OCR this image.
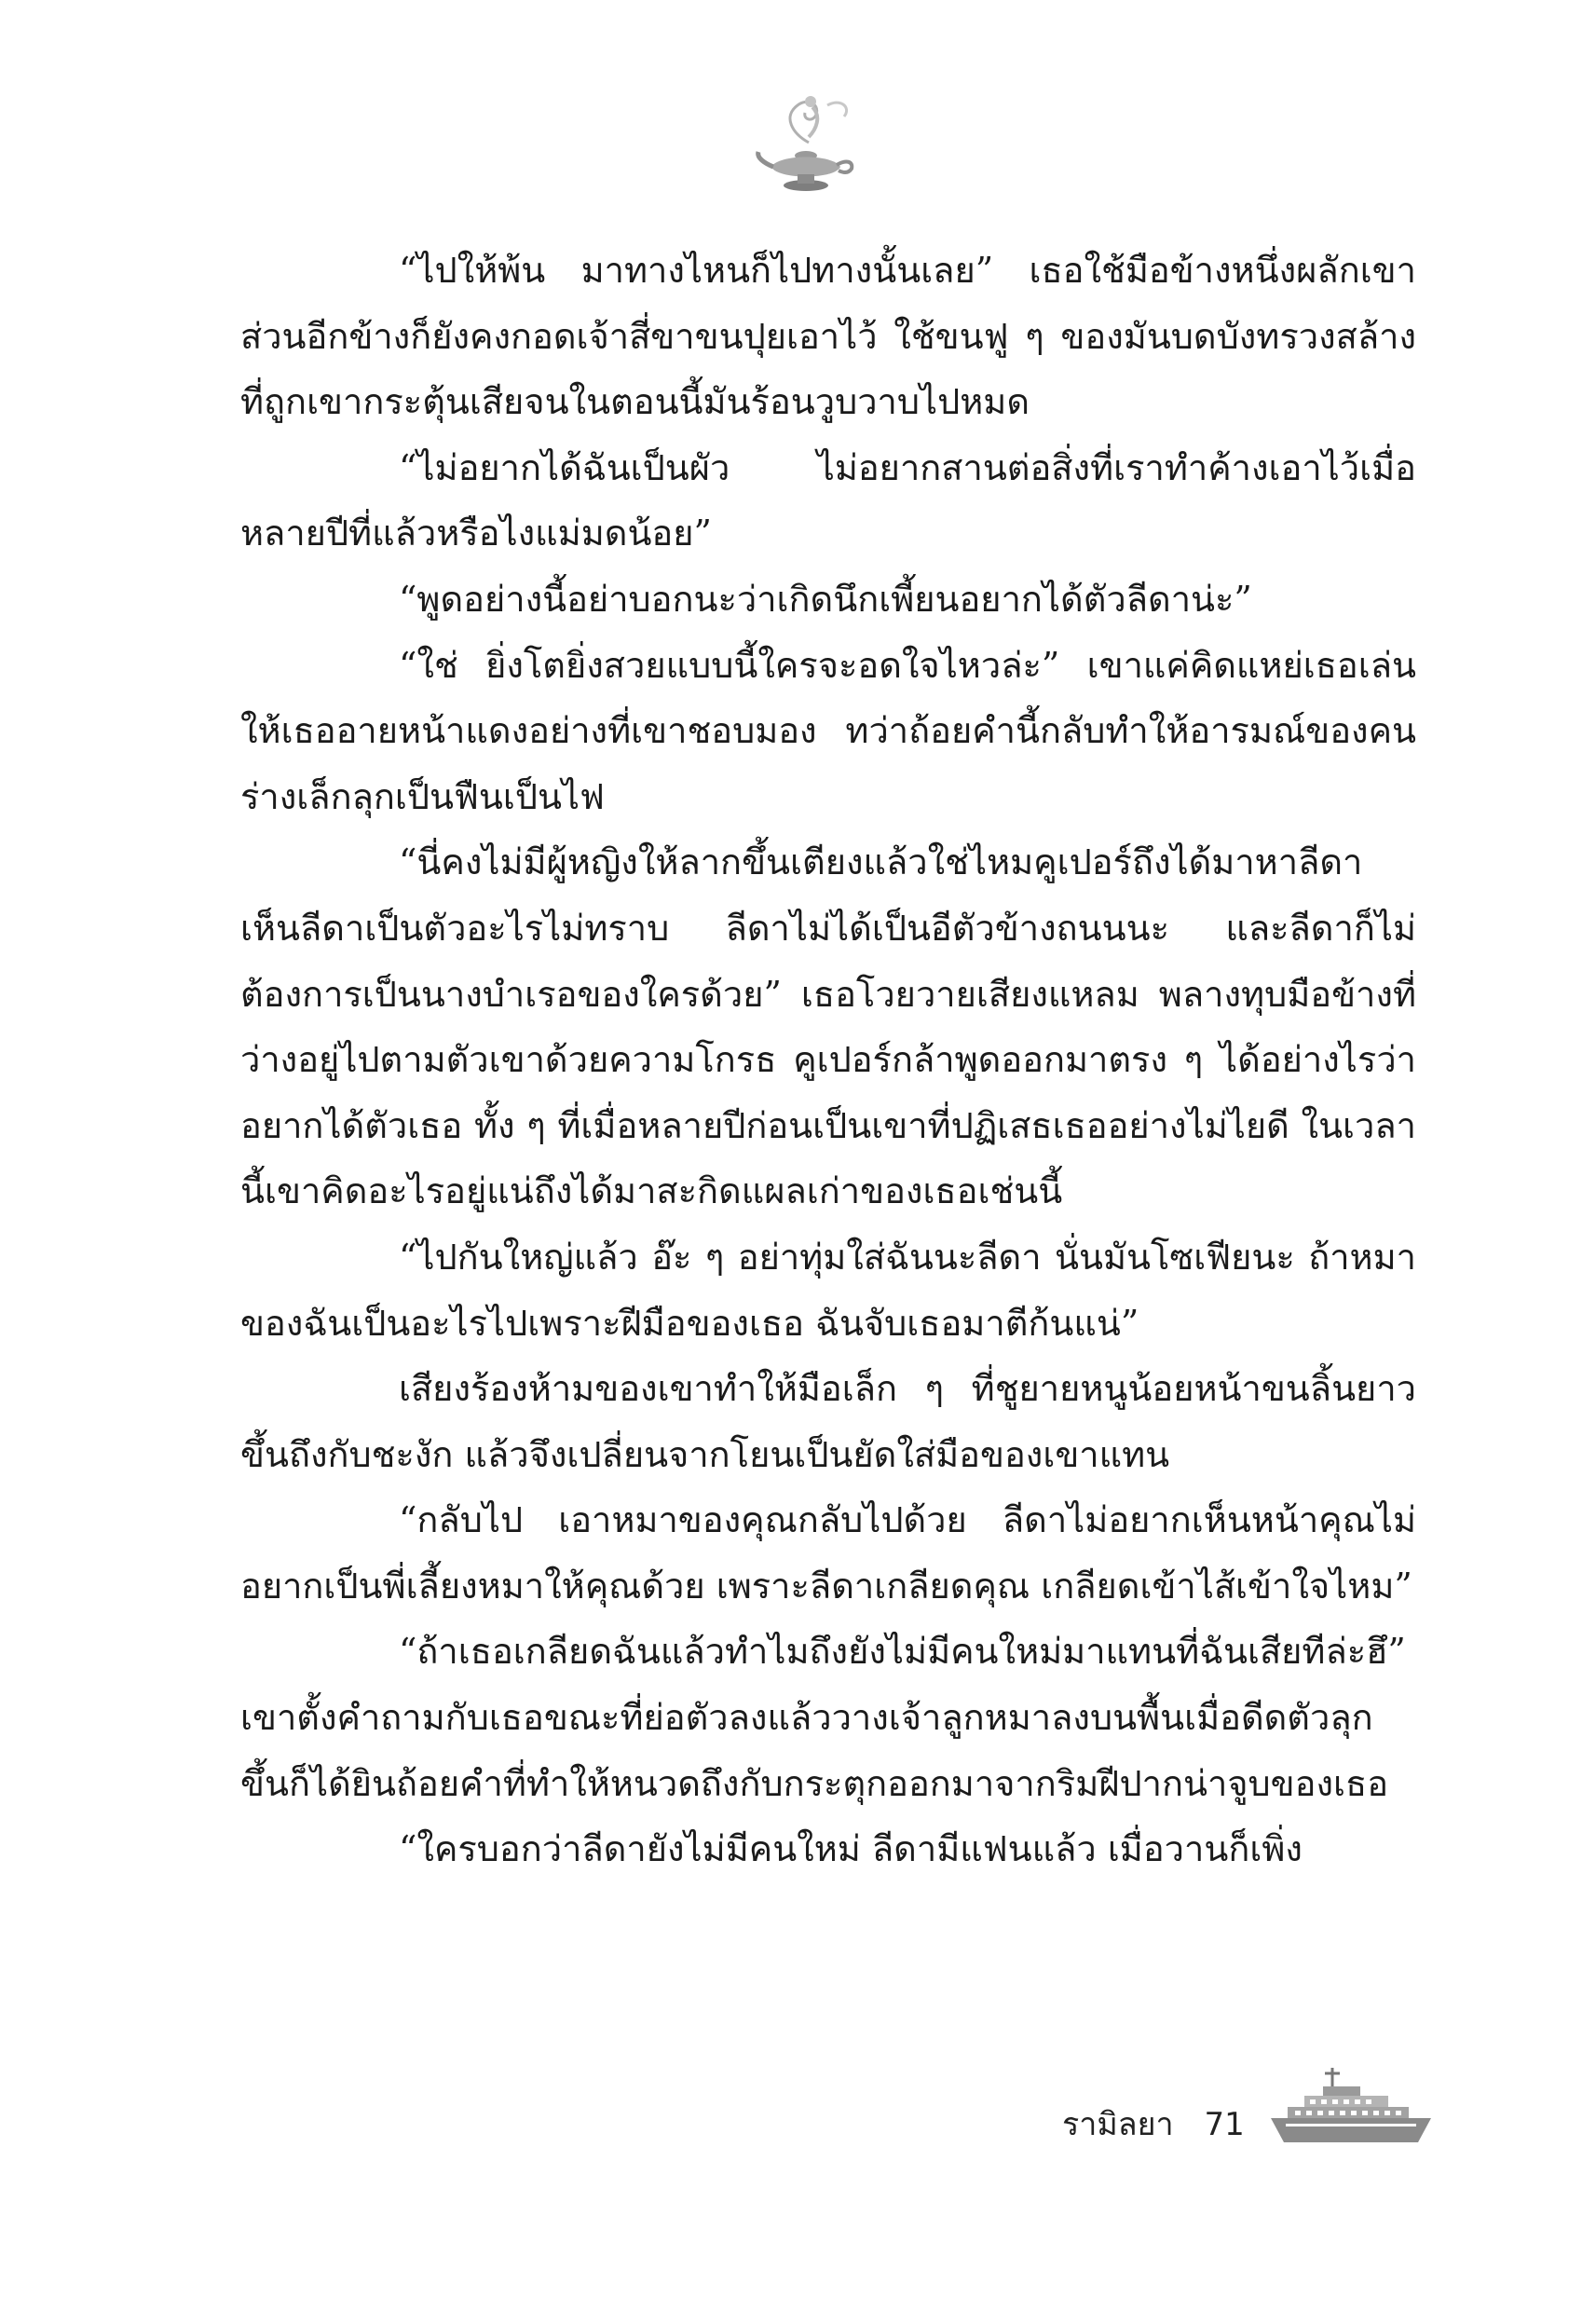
“ไปให้พ้น มาทางไหนก็ไปทางนั้นเลย” เธอใช้มือข้างหนึ่งผลักเขา ส่วนอีกข้างก็ยังคงกอดเจ้าสี่ขาขนปุยเอาไว้ ใช้ขนฟู ๆ ของมันบดบังทรวงสล้างที่ถูกเขากระตุ้นเสียจนในตอนนี้มันร้อนวูบวาบไปหมด

“ไม่อยากได้ฉันเป็นผัว ไม่อยากสานต่อสิ่งที่เราทำค้างเอาไว้เมื่อหลายปีที่แล้วหรือไงแม่มดน้อย”

“พูดอย่างนี้อย่าบอกนะว่าเกิดนึกเพี้ยนอยากได้ตัวลีดาน่ะ”

“ใช่ ยิ่งโตยิ่งสวยแบบนี้ใครจะอดใจไหวล่ะ” เขาแค่คิดแหย่เธอเล่นให้เธออายหน้าแดงอย่างที่เขาชอบมอง ทว่าถ้อยคำนี้กลับทำให้อารมณ์ของคนร่างเล็กลุกเป็นฟืนเป็นไฟ

“นี่คงไม่มีผู้หญิงให้ลากขึ้นเตียงแล้วใช่ไหมคูเปอร์ถึงได้มาหาลีดา เห็นลีดาเป็นตัวอะไรไม่ทราบ ลีดาไม่ได้เป็นอีตัวข้างถนนนะ และลีดาก็ไม่ต้องการเป็นนางบำเรอของใครด้วย” เธอโวยวายเสียงแหลม พลางทุบมือข้างที่ว่างอยู่ไปตามตัวเขาด้วยความโกรธ คูเปอร์กล้าพูดออกมาตรง ๆ ได้อย่างไรว่าอยากได้ตัวเธอ ทั้ง ๆ ที่เมื่อหลายปีก่อนเป็นเขาที่ปฏิเสธเธออย่างไม่ไยดี ในเวลานี้เขาคิดอะไรอยู่แน่ถึงได้มาสะกิดแผลเก่าของเธอเช่นนี้

“ไปกันใหญ่แล้ว อ๊ะ ๆ อย่าทุ่มใส่ฉันนะลีดา นั่นมันโซเฟียนะ ถ้าหมาของฉันเป็นอะไรไปเพราะฝีมือของเธอ ฉันจับเธอมาตีก้นแน่”

เสียงร้องห้ามของเขาทำให้มือเล็ก ๆ ที่ชูยายหนูน้อยหน้าขนลิ้นยาวขึ้นถึงกับชะงัก แล้วจึงเปลี่ยนจากโยนเป็นยัดใส่มือของเขาแทน

“กลับไป เอาหมาของคุณกลับไปด้วย ลีดาไม่อยากเห็นหน้าคุณไม่อยากเป็นพี่เลี้ยงหมาให้คุณด้วย เพราะลีดาเกลียดคุณ เกลียดเข้าไส้เข้าใจไหม”

“ถ้าเธอเกลียดฉันแล้วทำไมถึงยังไม่มีคนใหม่มาแทนที่ฉันเสียทีล่ะฮึ” เขาตั้งคำถามกับเธอขณะที่ย่อตัวลงแล้ววางเจ้าลูกหมาลงบนพื้นเมื่อดีดตัวลุกขึ้นก็ได้ยินถ้อยคำที่ทำให้หนวดถึงกับกระตุกออกมาจากริมฝีปากน่าจูบของเธอ

“ใครบอกว่าลีดายังไม่มีคนใหม่ ลีดามีแฟนแล้ว เมื่อวานก็เพิ่ง

รามิลยา 71
